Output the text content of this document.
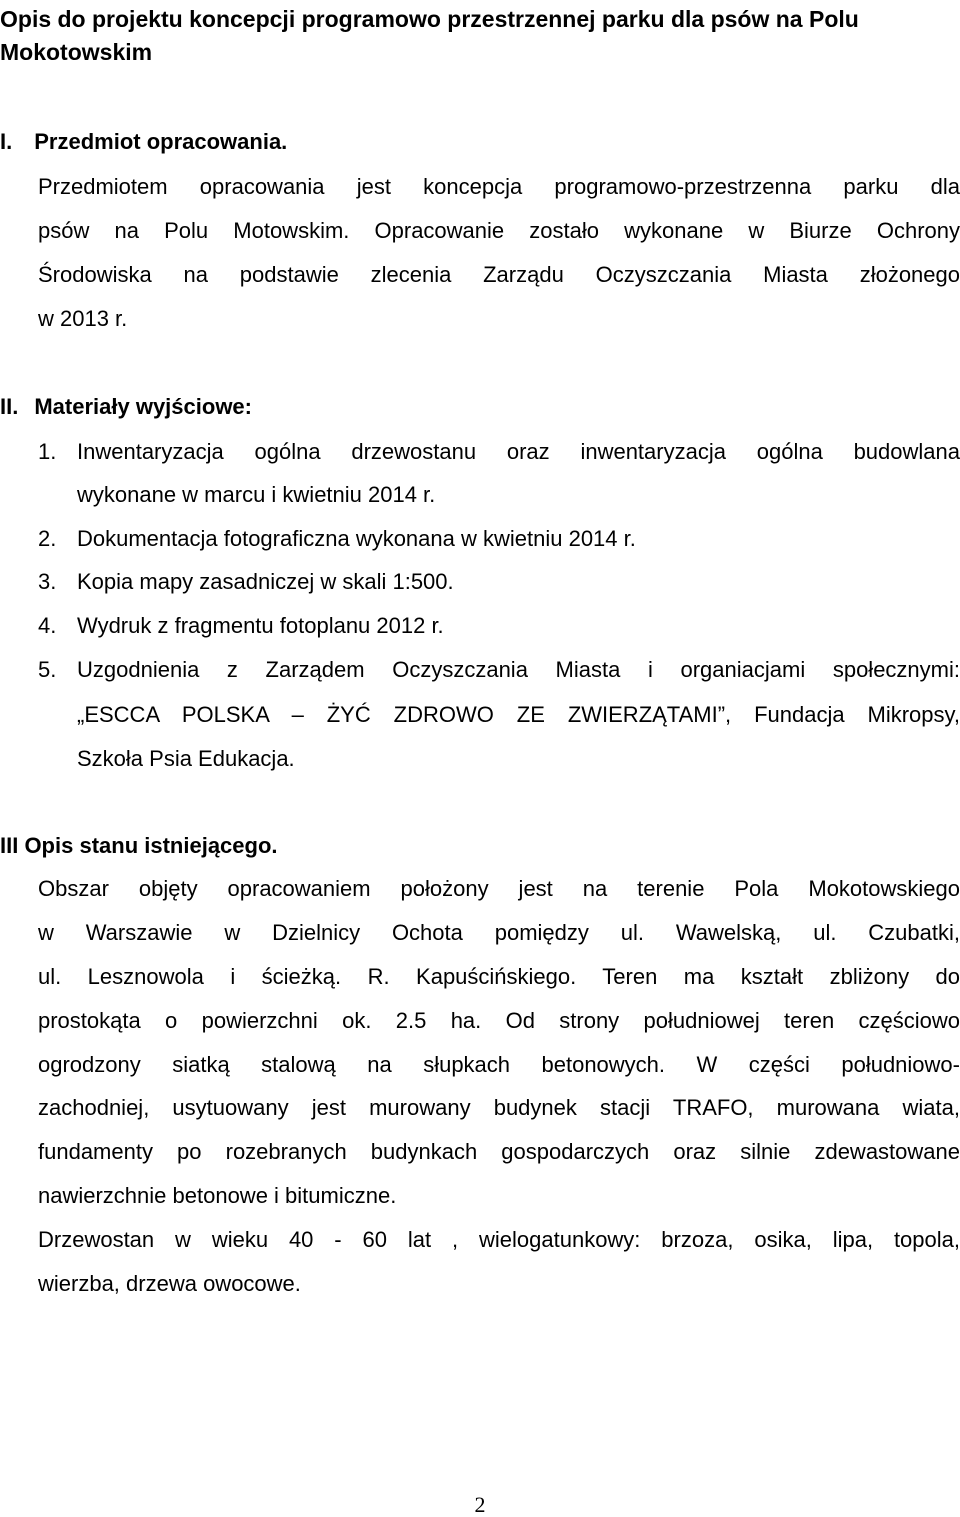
Opis do projektu koncepcji programowo przestrzennej parku dla psów na Polu Mokotowskim
I. Przedmiot opracowania.
Przedmiotem opracowania jest koncepcja programowo-przestrzenna parku dla
psów na Polu Motowskim. Opracowanie zostało wykonane w Biurze Ochrony
Środowiska na podstawie zlecenia Zarządu Oczyszczania Miasta złożonego
w 2013 r.
II. Materiały wyjściowe:
1. Inwentaryzacja ogólna drzewostanu oraz inwentaryzacja ogólna budowlana
wykonane w marcu i kwietniu 2014 r.
2. Dokumentacja fotograficzna wykonana w kwietniu 2014 r.
3. Kopia mapy zasadniczej w skali 1:500.
4. Wydruk z fragmentu fotoplanu 2012 r.
5. Uzgodnienia z Zarządem Oczyszczania Miasta i organiacjami społecznymi:
„ESCCA POLSKA – ŻYĆ ZDROWO ZE ZWIERZĄTAMI”, Fundacja Mikropsy,
Szkoła Psia Edukacja.
III Opis stanu istniejącego.
Obszar objęty opracowaniem położony jest na terenie Pola Mokotowskiego
w Warszawie w Dzielnicy Ochota pomiędzy ul. Wawelską, ul. Czubatki,
ul. Lesznowola i ścieżką. R. Kapuścińskiego. Teren ma kształt zbliżony do
prostokąta o powierzchni ok. 2.5 ha. Od strony południowej teren częściowo
ogrodzony siatką stalową na słupkach betonowych. W części południowo-
zachodniej, usytuowany jest murowany budynek stacji TRAFO, murowana wiata,
fundamenty po rozebranych budynkach gospodarczych oraz silnie zdewastowane
nawierzchnie betonowe i bitumiczne.
Drzewostan w wieku 40 - 60 lat , wielogatunkowy: brzoza, osika, lipa, topola,
wierzba, drzewa owocowe.
2
